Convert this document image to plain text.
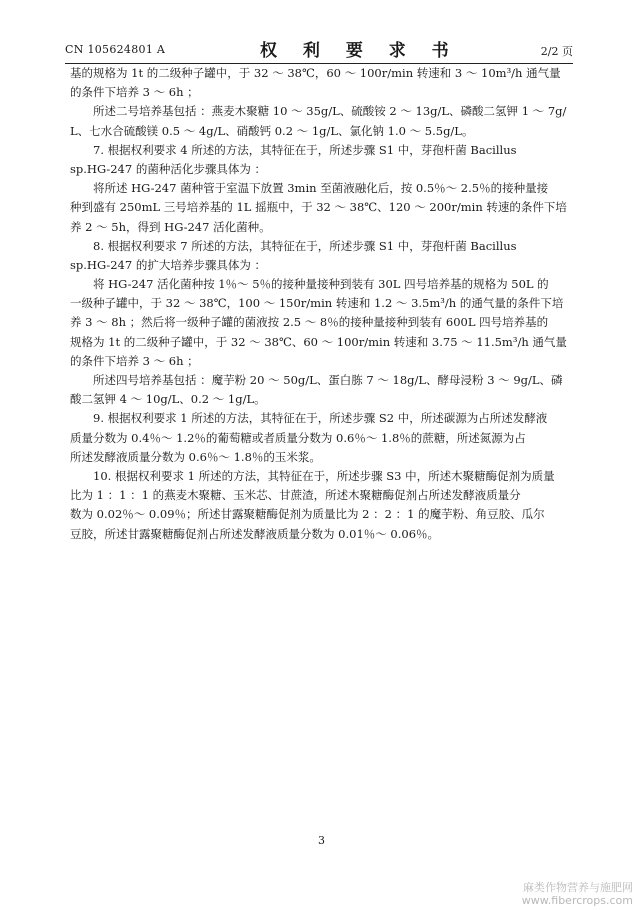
CN 105624801 A	权 利 要 求 书	2/2 页
基的规格为 1t 的二级种子罐中，于 32 ～ 38℃，60 ～ 100r/min 转速和 3 ～ 10m³/h 通气量
的条件下培养 3 ～ 6h ；
所述二号培养基包括 ：燕麦木聚糖 10 ～ 35g/L、硫酸铵 2 ～ 13g/L、磷酸二氢钾 1 ～ 7g/
L、七水合硫酸镁 0.5 ～ 4g/L、硝酸钙 0.2 ～ 1g/L、氯化钠 1.0 ～ 5.5g/L。
7. 根据权利要求 4 所述的方法，其特征在于，所述步骤 S1 中，芽孢杆菌 Bacillus
sp.HG-247 的菌种活化步骤具体为 ：
将所述 HG-247 菌种管于室温下放置 3min 至菌液融化后，按 0.5％～ 2.5％的接种量接
种到盛有 250mL 三号培养基的 1L 摇瓶中，于 32 ～ 38℃、120 ～ 200r/min 转速的条件下培
养 2 ～ 5h，得到 HG-247 活化菌种。
8. 根据权利要求 7 所述的方法，其特征在于，所述步骤 S1 中，芽孢杆菌 Bacillus
sp.HG-247 的扩大培养步骤具体为 ：
将 HG-247 活化菌种按 1％～ 5％的接种量接种到装有 30L 四号培养基的规格为 50L 的
一级种子罐中，于 32 ～ 38℃，100 ～ 150r/min 转速和 1.2 ～ 3.5m³/h 的通气量的条件下培
养 3 ～ 8h ；然后将一级种子罐的菌液按 2.5 ～ 8％的接种量接种到装有 600L 四号培养基的
规格为 1t 的二级种子罐中，于 32 ～ 38℃、60 ～ 100r/min 转速和 3.75 ～ 11.5m³/h 通气量
的条件下培养 3 ～ 6h ；
所述四号培养基包括 ：魔芋粉 20 ～ 50g/L、蛋白胨 7 ～ 18g/L、酵母浸粉 3 ～ 9g/L、磷
酸二氢钾 4 ～ 10g/L、0.2 ～ 1g/L。
9. 根据权利要求 1 所述的方法，其特征在于，所述步骤 S2 中，所述碳源为占所述发酵液
质量分数为 0.4％～ 1.2％的葡萄糖或者质量分数为 0.6％～ 1.8％的蔗糖，所述氮源为占
所述发酵液质量分数为 0.6％～ 1.8％的玉米浆。
10. 根据权利要求 1 所述的方法，其特征在于，所述步骤 S3 中，所述木聚糖酶促剂为质量
比为 1 ：1 ：1 的燕麦木聚糖、玉米芯、甘蔗渣，所述木聚糖酶促剂占所述发酵液质量分
数为 0.02％～ 0.09％；所述甘露聚糖酶促剂为质量比为 2 ：2 ：1 的魔芋粉、角豆胶、瓜尔
豆胶，所述甘露聚糖酶促剂占所述发酵液质量分数为 0.01％～ 0.06％。
3
麻类作物营养与施肥网
www.fibercrops.com
